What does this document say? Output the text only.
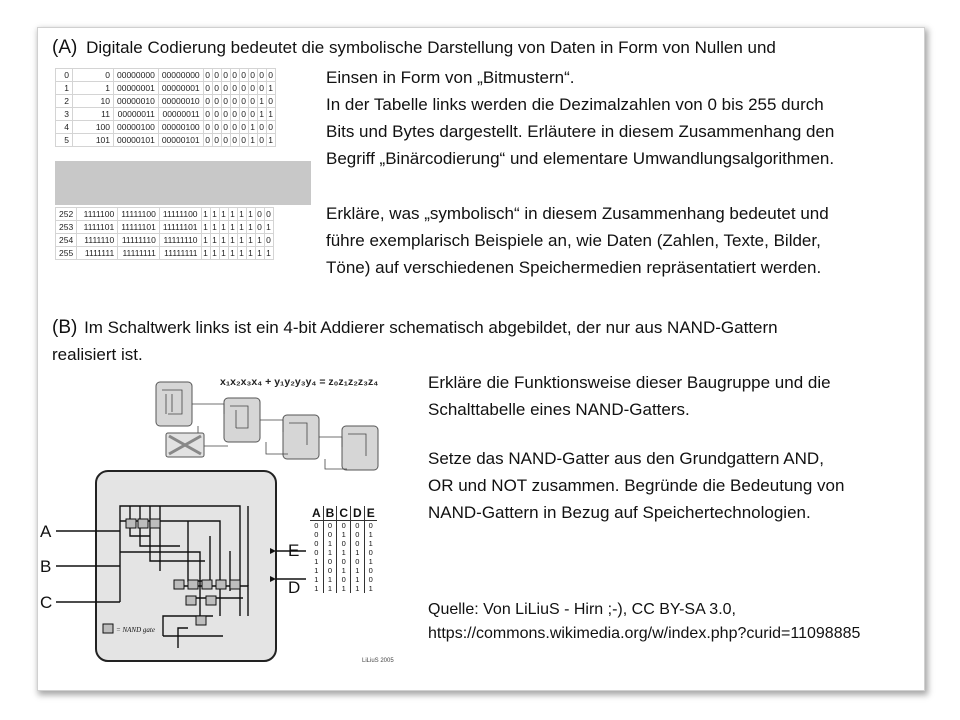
(A) Digitale Codierung bedeutet die symbolische Darstellung von Daten in Form von Nullen und
0	0	00000000	00000000	0	0	0	0	0	0	0	0
1	1	00000001	00000001	0	0	0	0	0	0	0	1
2	10	00000010	00000010	0	0	0	0	0	0	1	0
3	11	00000011	00000011	0	0	0	0	0	0	1	1
4	100	00000100	00000100	0	0	0	0	0	1	0	0
5	101	00000101	00000101	0	0	0	0	0	1	0	1
252	1111100	11111100	11111100	1	1	1	1	1	1	0	0
253	1111101	11111101	11111101	1	1	1	1	1	1	0	1
254	1111110	11111110	11111110	1	1	1	1	1	1	1	0
255	1111111	11111111	11111111	1	1	1	1	1	1	1	1
Einsen in Form von „Bitmustern“.
In der Tabelle links werden die Dezimalzahlen von 0 bis 255 durch
Bits und Bytes dargestellt. Erläutere in diesem Zusammenhang den
Begriff „Binärcodierung“ und elementare Umwandlungsalgorithmen.
Erkläre, was „symbolisch“ in diesem Zusammenhang bedeutet und
führe exemplarisch Beispiele an, wie Daten (Zahlen, Texte, Bilder,
Töne) auf verschiedenen Speichermedien repräsentatiert werden.
(B) Im Schaltwerk links ist ein 4-bit Addierer schematisch abgebildet, der nur aus NAND-Gattern
realisiert ist.
Erkläre die Funktionsweise dieser Baugruppe und die
Schalttabelle eines NAND-Gatters.
Setze das NAND-Gatter aus den Grundgattern AND,
OR und NOT zusammen. Begründe die Bedeutung von
NAND-Gattern in Bezug auf Speichertechnologien.
Quelle: Von LiLiuS - Hirn ;-), CC BY-SA 3.0,
https://commons.wikimedia.org/w/index.php?curid=11098885
x₁x₂x₃x₄ + y₁y₂y₃y₄ = z₀z₁z₂z₃z₄
A
B
C
E
D
= NAND gate
A	B	C	D	E
0	0	0	0	0
0	0	1	0	1
0	1	0	0	1
0	1	1	1	0
1	0	0	0	1
1	0	1	1	0
1	1	0	1	0
1	1	1	1	1
LiLiuS 2005
